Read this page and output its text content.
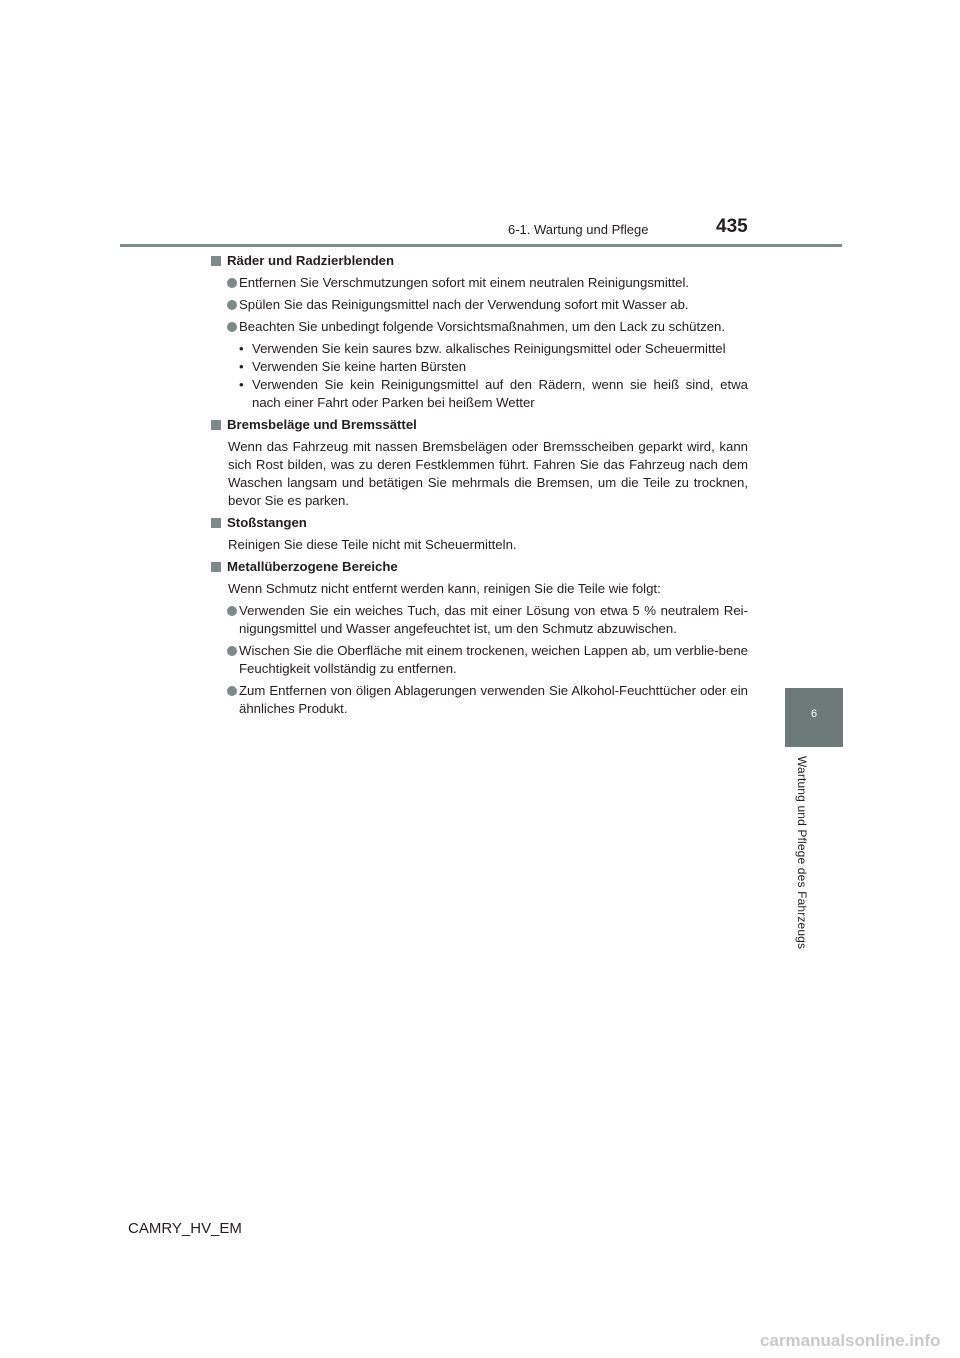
6-1. Wartung und Pflege	435
6
Wartung und Pflege des Fahrzeugs
Räder und Radzierblenden
Entfernen Sie Verschmutzungen sofort mit einem neutralen Reinigungsmittel.
Spülen Sie das Reinigungsmittel nach der Verwendung sofort mit Wasser ab.
Beachten Sie unbedingt folgende Vorsichtsmaßnahmen, um den Lack zu schützen.
• Verwenden Sie kein saures bzw. alkalisches Reinigungsmittel oder Scheuermittel
• Verwenden Sie keine harten Bürsten
• Verwenden Sie kein Reinigungsmittel auf den Rädern, wenn sie heiß sind, etwa nach einer Fahrt oder Parken bei heißem Wetter
Bremsbeläge und Bremssättel
Wenn das Fahrzeug mit nassen Bremsbelägen oder Bremsscheiben geparkt wird, kann sich Rost bilden, was zu deren Festklemmen führt. Fahren Sie das Fahrzeug nach dem Waschen langsam und betätigen Sie mehrmals die Bremsen, um die Teile zu trocknen, bevor Sie es parken.
Stoßstangen
Reinigen Sie diese Teile nicht mit Scheuermitteln.
Metallüberzogene Bereiche
Wenn Schmutz nicht entfernt werden kann, reinigen Sie die Teile wie folgt:
Verwenden Sie ein weiches Tuch, das mit einer Lösung von etwa 5 % neutralem Rei-nigungsmittel und Wasser angefeuchtet ist, um den Schmutz abzuwischen.
Wischen Sie die Oberfläche mit einem trockenen, weichen Lappen ab, um verblie-bene Feuchtigkeit vollständig zu entfernen.
Zum Entfernen von öligen Ablagerungen verwenden Sie Alkohol-Feuchttücher oder ein ähnliches Produkt.
CAMRY_HV_EM
carmanualsonline.info
